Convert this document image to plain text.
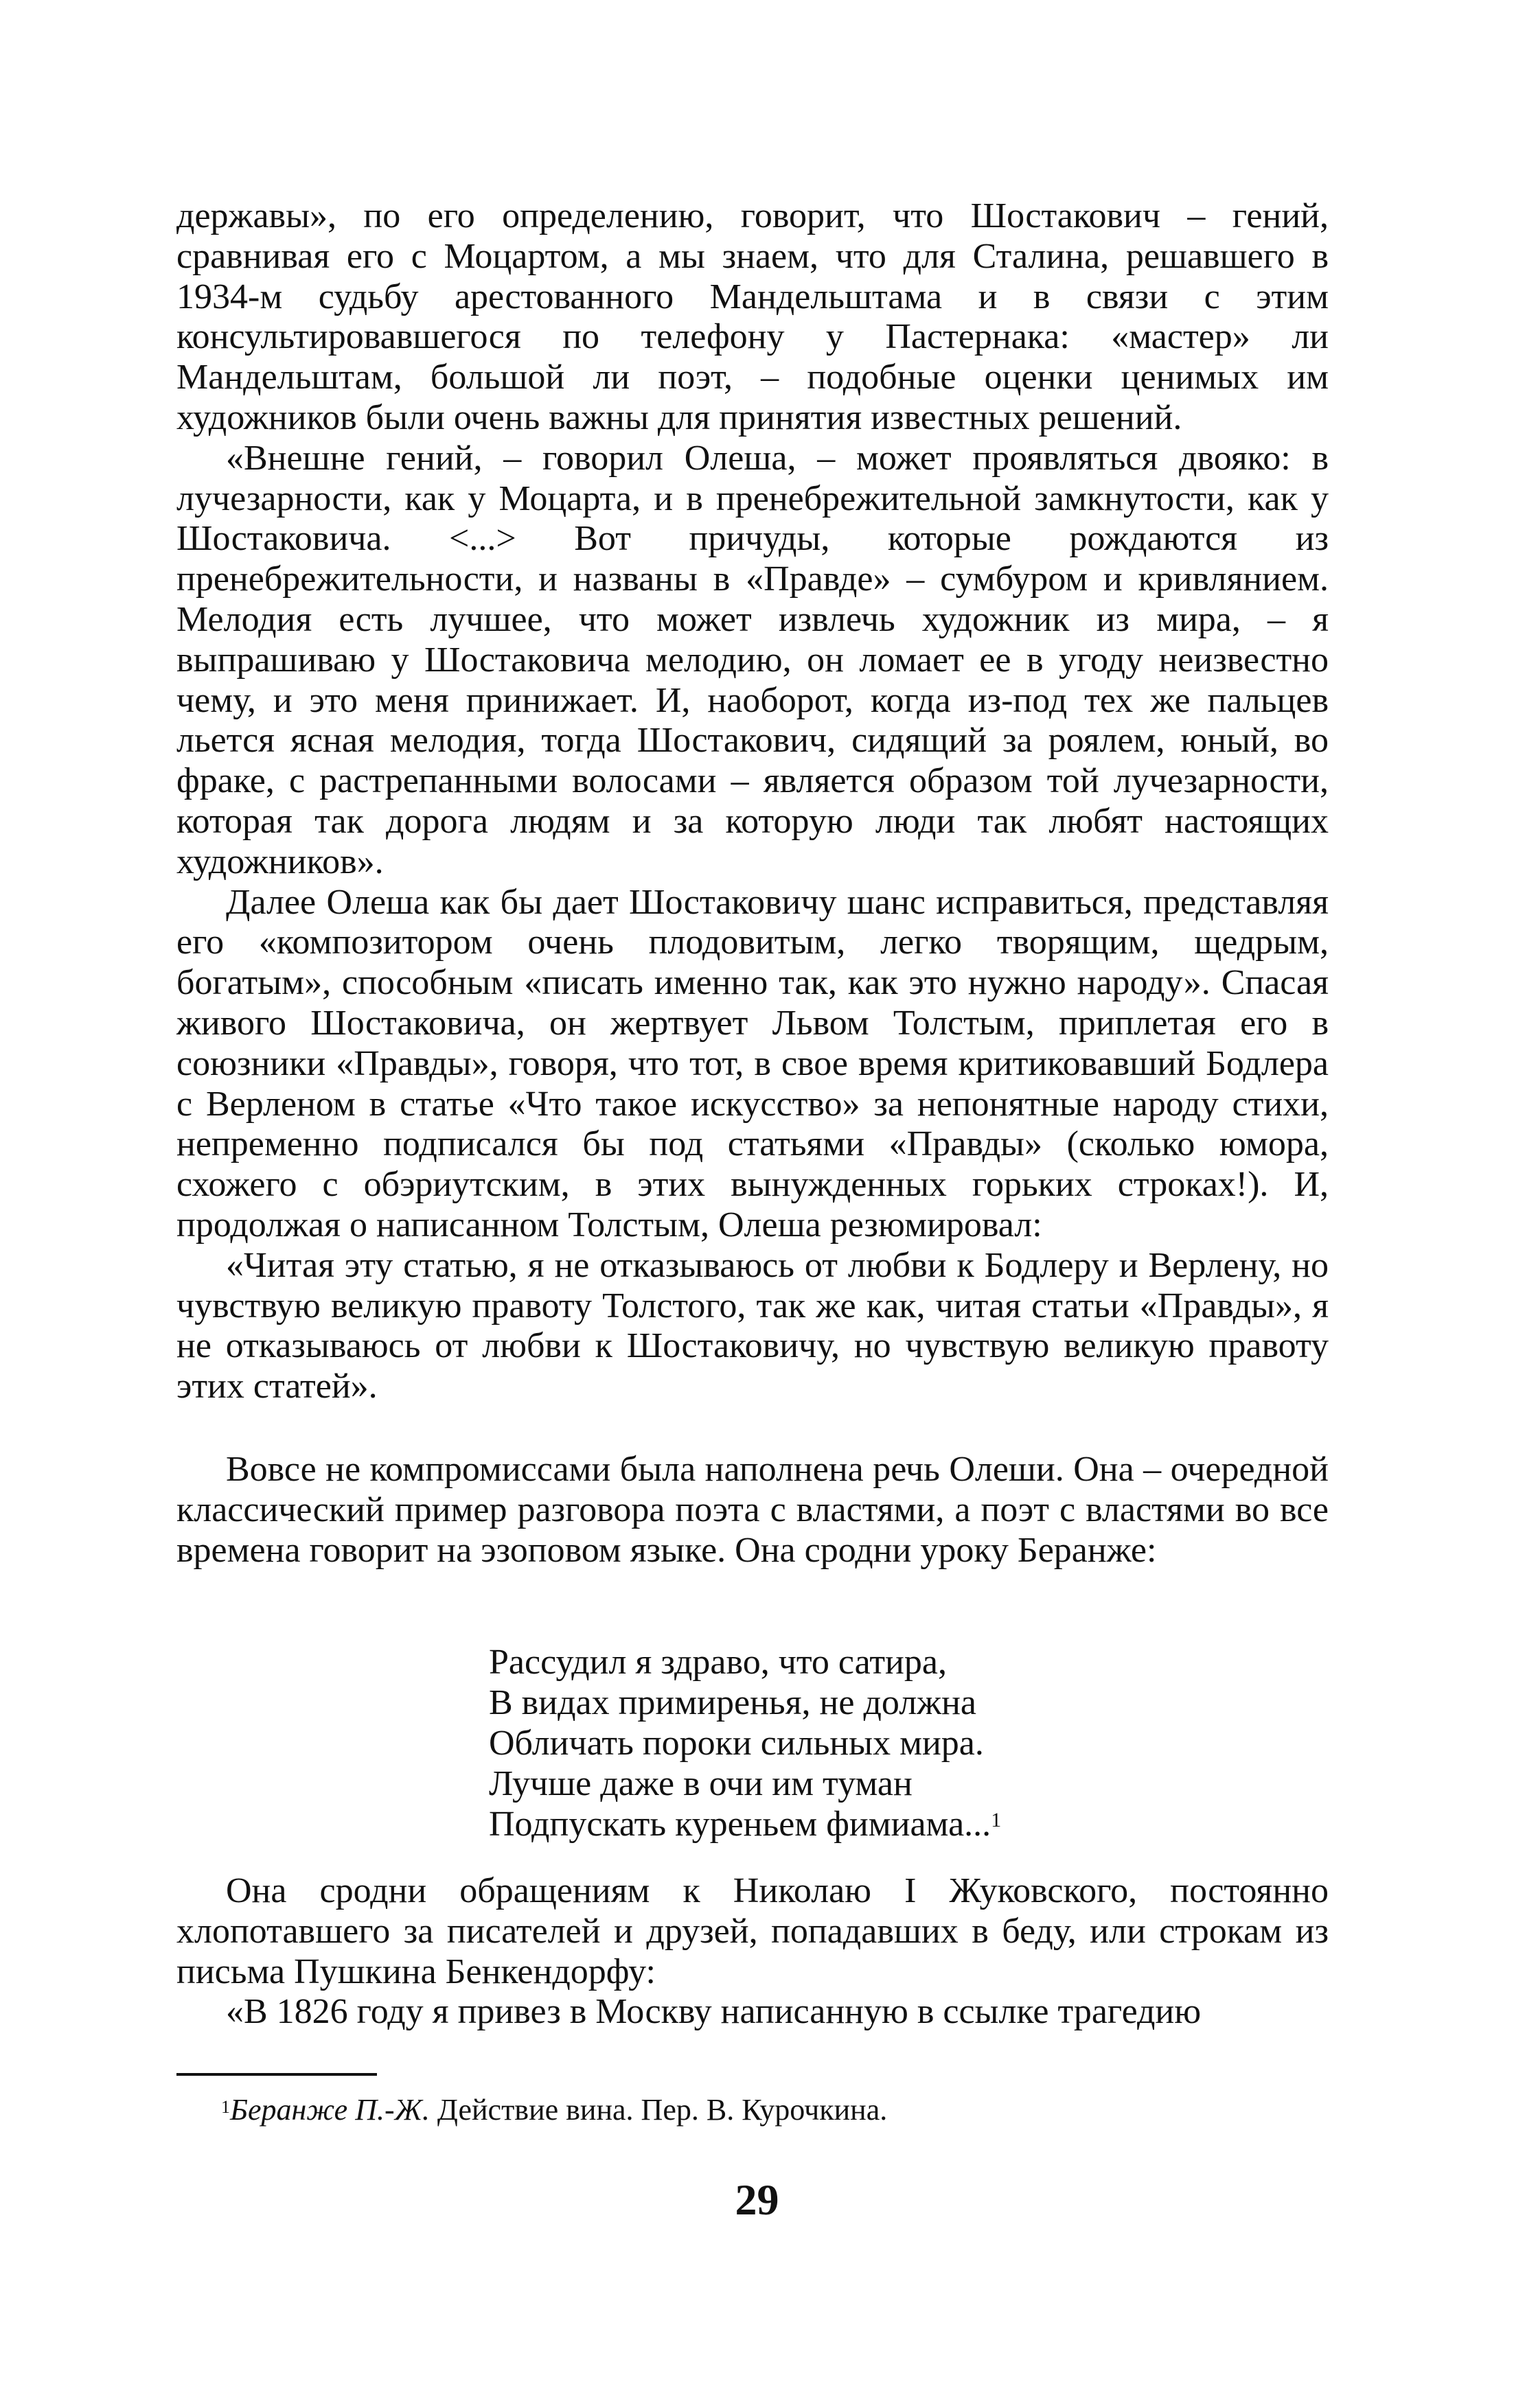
державы», по его определению, говорит, что Шостакович – гений, сравнивая его с Моцартом, а мы знаем, что для Сталина, решавшего в 1934-м судьбу арестованного Мандельштама и в связи с этим консультировавшегося по телефону у Пастернака: «мастер» ли Мандельштам, большой ли поэт, – подобные оценки ценимых им художников были очень важны для принятия известных решений.

«Внешне гений, – говорил Олеша, – может проявляться двояко: в лучезарности, как у Моцарта, и в пренебрежительной замкнутости, как у Шостаковича. <...> Вот причуды, которые рождаются из пренебрежительности, и названы в «Правде» – сумбуром и кривлянием. Мелодия есть лучшее, что может извлечь художник из мира, – я выпрашиваю у Шостаковича мелодию, он ломает ее в угоду неизвестно чему, и это меня принижает. И, наоборот, когда из-под тех же пальцев льется ясная мелодия, тогда Шостакович, сидящий за роялем, юный, во фраке, с растрепанными волосами – является образом той лучезарности, которая так дорога людям и за которую люди так любят настоящих художников».

Далее Олеша как бы дает Шостаковичу шанс исправиться, представляя его «композитором очень плодовитым, легко творящим, щедрым, богатым», способным «писать именно так, как это нужно народу». Спасая живого Шостаковича, он жертвует Львом Толстым, приплетая его в союзники «Правды», говоря, что тот, в свое время критиковавший Бодлера с Верленом в статье «Что такое искусство» за непонятные народу стихи, непременно подписался бы под статьями «Правды» (сколько юмора, схожего с обэриутским, в этих вынужденных горьких строках!). И, продолжая о написанном Толстым, Олеша резюмировал:

«Читая эту статью, я не отказываюсь от любви к Бодлеру и Верлену, но чувствую великую правоту Толстого, так же как, читая статьи «Правды», я не отказываюсь от любви к Шостаковичу, но чувствую великую правоту этих статей».

Вовсе не компромиссами была наполнена речь Олеши. Она – очередной классический пример разговора поэта с властями, а поэт с властями во все времена говорит на эзоповом языке. Она сродни уроку Беранже:

Рассудил я здраво, что сатира,
В видах примиренья, не должна
Обличать пороки сильных мира.
Лучше даже в очи им туман
Подпускать куреньем фимиама...$^1$

Она сродни обращениям к Николаю I Жуковского, постоянно хлопотавшего за писателей и друзей, попадавших в беду, или строкам из письма Пушкина Бенкендорфу:

«В 1826 году я привез в Москву написанную в ссылке трагедию

$^1$Беранже П.-Ж. Действие вина. Пер. В. Курочкина.
29
